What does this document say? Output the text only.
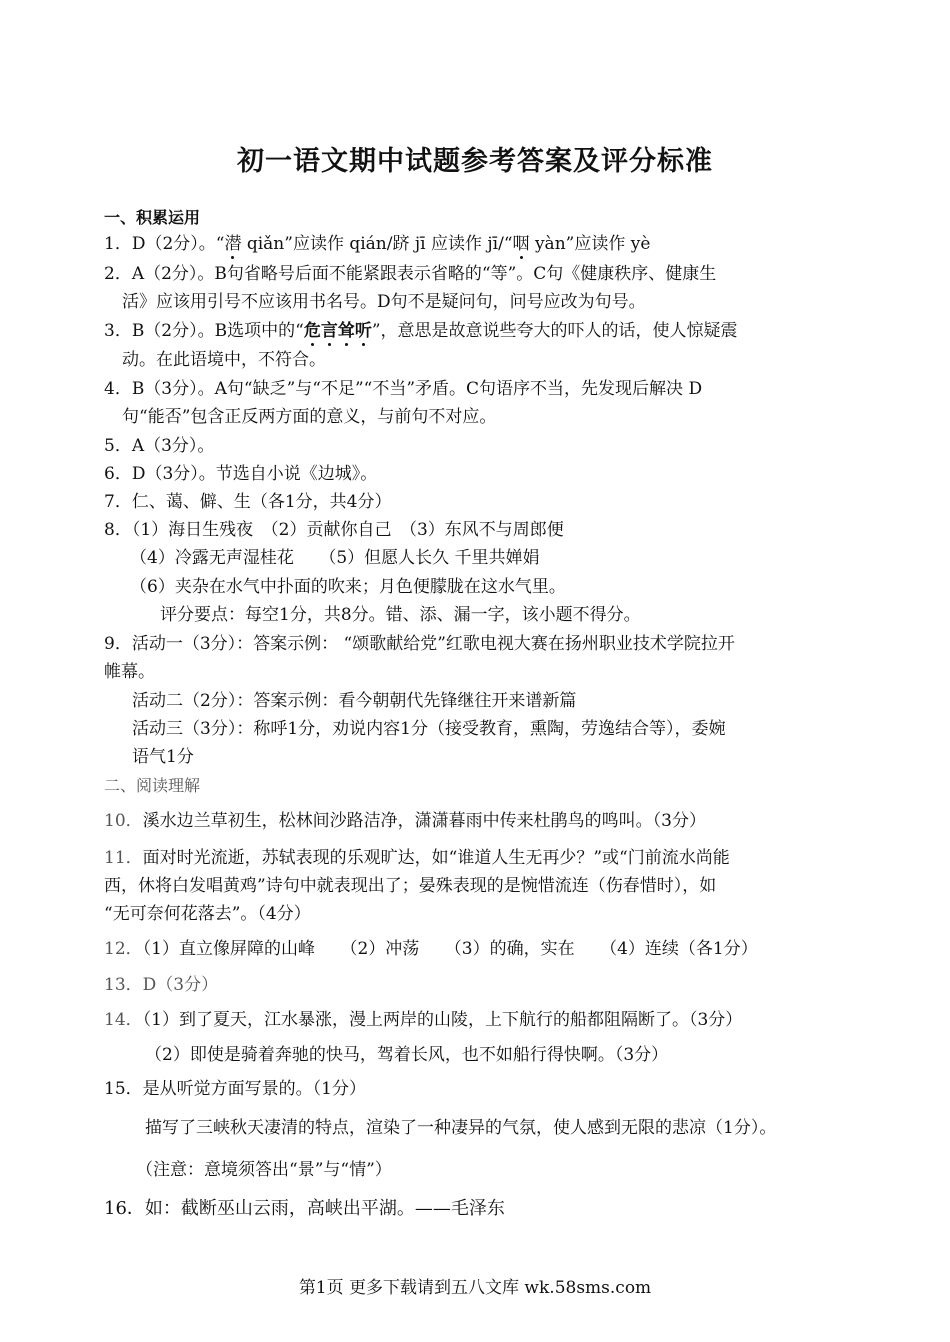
初一语文期中试题参考答案及评分标准
一、积累运用
1．D（2分）。“潜 qiǎn”应读作 qián/跻 jī 应读作 jī/“咽 yàn”应读作 yè
2．A（2分）。B句省略号后面不能紧跟表示省略的“等”。C句《健康秩序、健康生
活》应该用引号不应该用书名号。D句不是疑问句，问号应改为句号。
3．B（2分）。B选项中的“危言耸听”，意思是故意说些夸大的吓人的话，使人惊疑震
动。在此语境中，不符合。
4．B（3分）。A句“缺乏”与“不足”“不当”矛盾。C句语序不当，先发现后解决 D
句“能否”包含正反两方面的意义，与前句不对应。
5．A（3分）。
6．D（3分）。节选自小说《边城》。
7．仁、蔼、僻、生（各1分，共4分）
8．（1）海日生残夜　（2）贡献你自己　（3）东风不与周郎便
（4）冷露无声湿桂花　　（5）但愿人长久 千里共婵娟
（6）夹杂在水气中扑面的吹来；月色便朦胧在这水气里。
评分要点：每空1分，共8分。错、添、漏一字，该小题不得分。
9．活动一（3分）：答案示例： “颂歌献给党”红歌电视大赛在扬州职业技术学院拉开
帷幕。
活动二（2分）：答案示例：看今朝朝代先锋继往开来谱新篇
活动三（3分）：称呼1分，劝说内容1分（接受教育，熏陶，劳逸结合等），委婉
语气1分
二、阅读理解
10．溪水边兰草初生，松林间沙路洁净，潇潇暮雨中传来杜鹃鸟的鸣叫。（3分）
11．面对时光流逝，苏轼表现的乐观旷达，如“谁道人生无再少？”或“门前流水尚能
西，休将白发唱黄鸡”诗句中就表现出了；晏殊表现的是惋惜流连（伤春惜时），如
“无可奈何花落去”。（4分）
12．（1）直立像屏障的山峰　　（2）冲荡　　（3）的确，实在　　（4）连续（各1分）
13．D（3分）
14．（1）到了夏天，江水暴涨，漫上两岸的山陵，上下航行的船都阻隔断了。（3分）
（2）即使是骑着奔驰的快马，驾着长风，也不如船行得快啊。（3分）
15．是从听觉方面写景的。（1分）
描写了三峡秋天凄清的特点，渲染了一种凄异的气氛，使人感到无限的悲凉（1分）。
（注意：意境须答出“景”与“情”）
16．如：截断巫山云雨，高峡出平湖。——毛泽东
第1页 更多下载请到五八文库 wk.58sms.com
